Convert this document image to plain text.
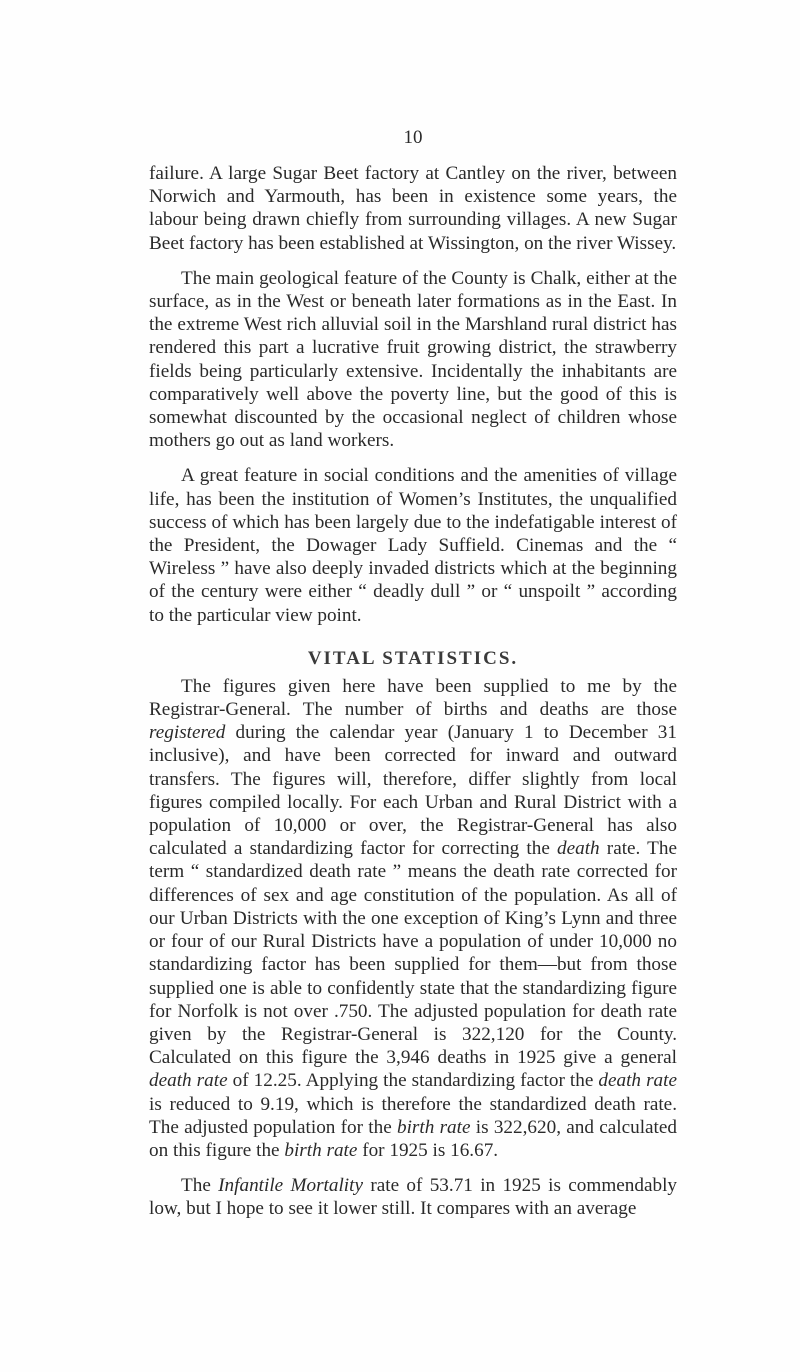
10

failure. A large Sugar Beet factory at Cantley on the river, between Norwich and Yarmouth, has been in existence some years, the labour being drawn chiefly from surrounding villages. A new Sugar Beet factory has been established at Wissington, on the river Wissey.

The main geological feature of the County is Chalk, either at the surface, as in the West or beneath later formations as in the East. In the extreme West rich alluvial soil in the Marshland rural district has rendered this part a lucrative fruit growing district, the strawberry fields being particularly extensive. Incidentally the inhabitants are comparatively well above the poverty line, but the good of this is somewhat discounted by the occasional neglect of children whose mothers go out as land workers.

A great feature in social conditions and the amenities of village life, has been the institution of Women’s Institutes, the unqualified success of which has been largely due to the indefatigable interest of the President, the Dowager Lady Suffield. Cinemas and the “ Wireless ” have also deeply invaded districts which at the beginning of the century were either “ deadly dull ” or “ unspoilt ” according to the particular view point.

VITAL STATISTICS.

The figures given here have been supplied to me by the Registrar-General. The number of births and deaths are those registered during the calendar year (January 1 to December 31 inclusive), and have been corrected for inward and outward transfers. The figures will, therefore, differ slightly from local figures compiled locally. For each Urban and Rural District with a population of 10,000 or over, the Registrar-General has also calculated a standardizing factor for correcting the death rate. The term “ standardized death rate ” means the death rate corrected for differences of sex and age constitution of the population. As all of our Urban Districts with the one exception of King’s Lynn and three or four of our Rural Districts have a population of under 10,000 no standardizing factor has been supplied for them—but from those supplied one is able to confidently state that the standardizing figure for Norfolk is not over .750. The adjusted population for death rate given by the Registrar-General is 322,120 for the County. Calculated on this figure the 3,946 deaths in 1925 give a general death rate of 12.25. Applying the standardizing factor the death rate is reduced to 9.19, which is therefore the standardized death rate. The adjusted population for the birth rate is 322,620, and calculated on this figure the birth rate for 1925 is 16.67.

The Infantile Mortality rate of 53.71 in 1925 is commendably low, but I hope to see it lower still. It compares with an average
